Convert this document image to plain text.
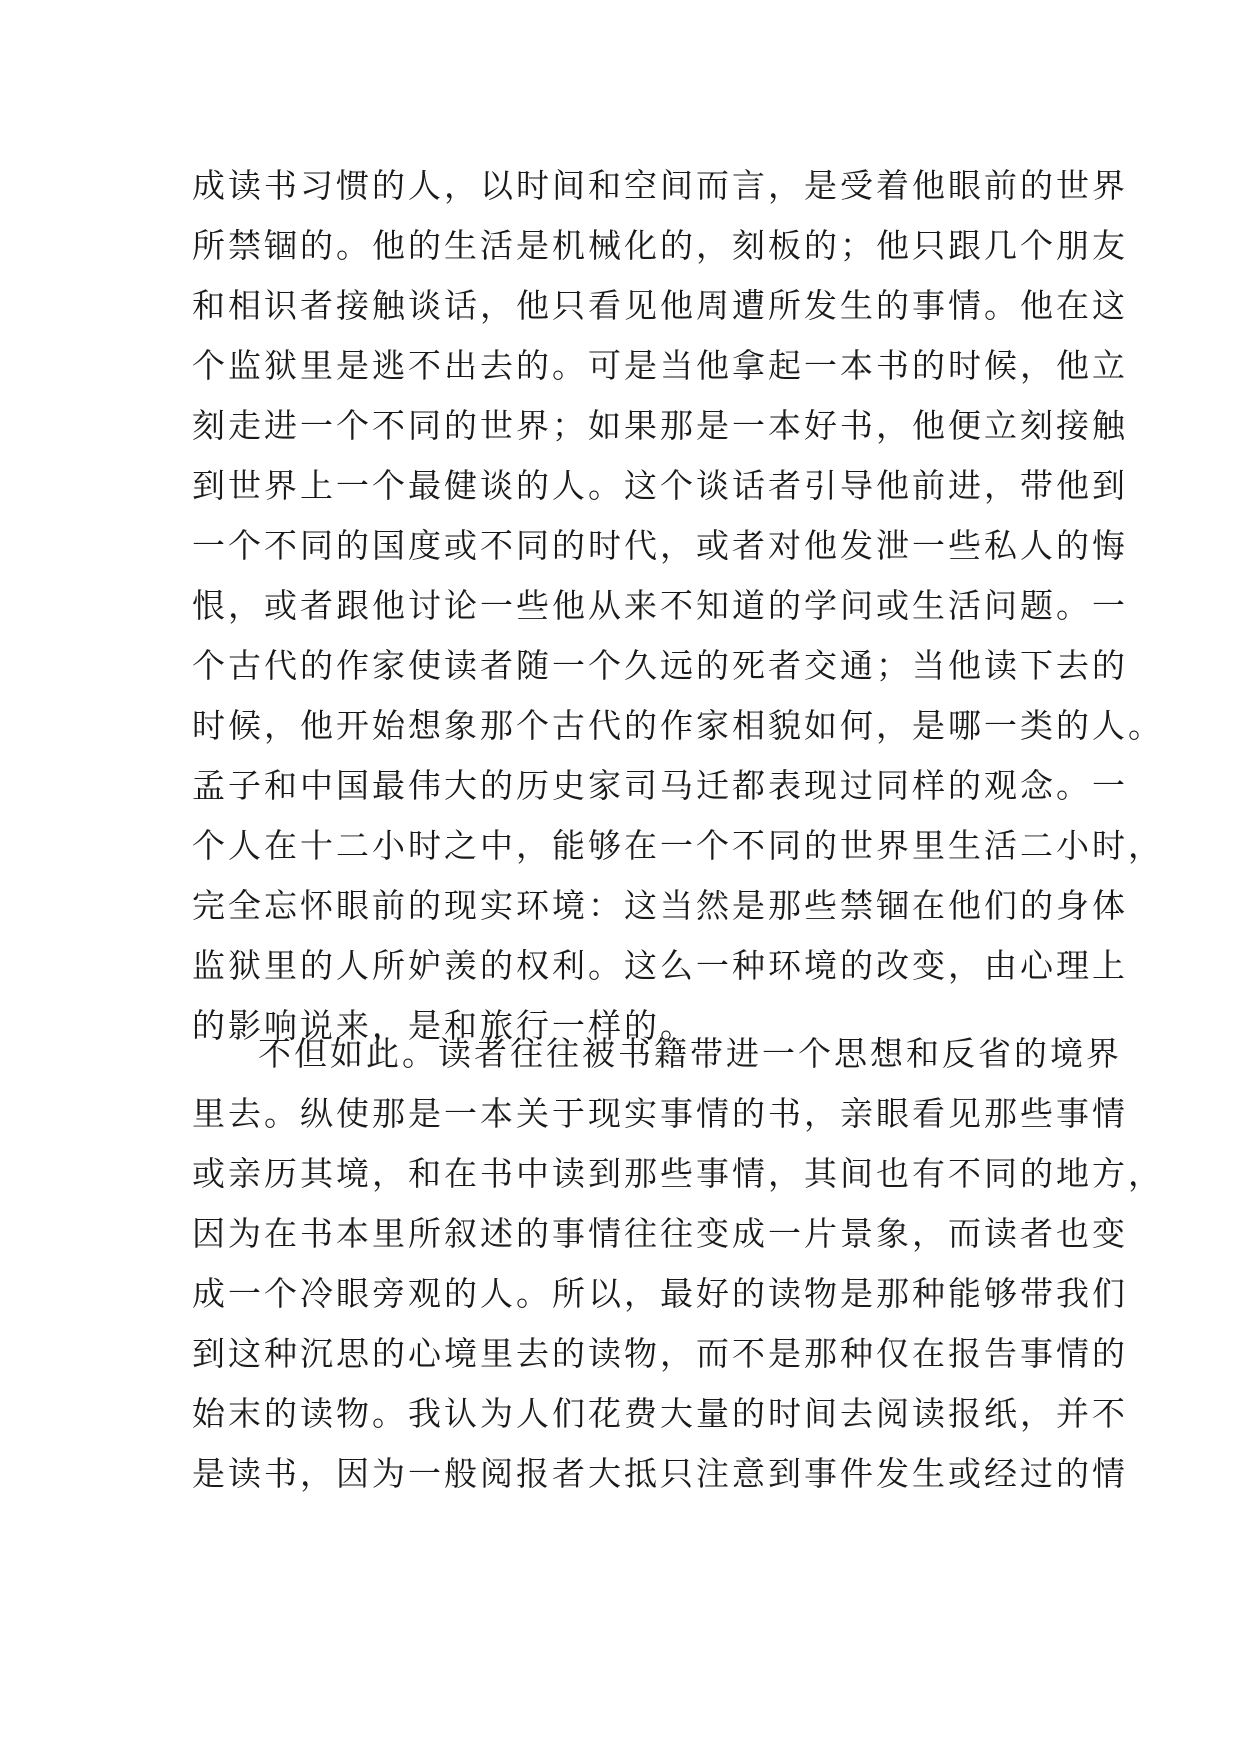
成读书习惯的人，以时间和空间而言，是受着他眼前的世界
所禁锢的。他的生活是机械化的，刻板的；他只跟几个朋友
和相识者接触谈话，他只看见他周遭所发生的事情。他在这
个监狱里是逃不出去的。可是当他拿起一本书的时候，他立
刻走进一个不同的世界；如果那是一本好书，他便立刻接触
到世界上一个最健谈的人。这个谈话者引导他前进，带他到
一个不同的国度或不同的时代，或者对他发泄一些私人的悔
恨，或者跟他讨论一些他从来不知道的学问或生活问题。一
个古代的作家使读者随一个久远的死者交通；当他读下去的
时候，他开始想象那个古代的作家相貌如何，是哪一类的人。
孟子和中国最伟大的历史家司马迁都表现过同样的观念。一
个人在十二小时之中，能够在一个不同的世界里生活二小时，
完全忘怀眼前的现实环境：这当然是那些禁锢在他们的身体
监狱里的人所妒羡的权利。这么一种环境的改变，由心理上
的影响说来，是和旅行一样的。
不但如此。读者往往被书籍带进一个思想和反省的境界
里去。纵使那是一本关于现实事情的书，亲眼看见那些事情
或亲历其境，和在书中读到那些事情，其间也有不同的地方，
因为在书本里所叙述的事情往往变成一片景象，而读者也变
成一个冷眼旁观的人。所以，最好的读物是那种能够带我们
到这种沉思的心境里去的读物，而不是那种仅在报告事情的
始末的读物。我认为人们花费大量的时间去阅读报纸，并不
是读书，因为一般阅报者大抵只注意到事件发生或经过的情
